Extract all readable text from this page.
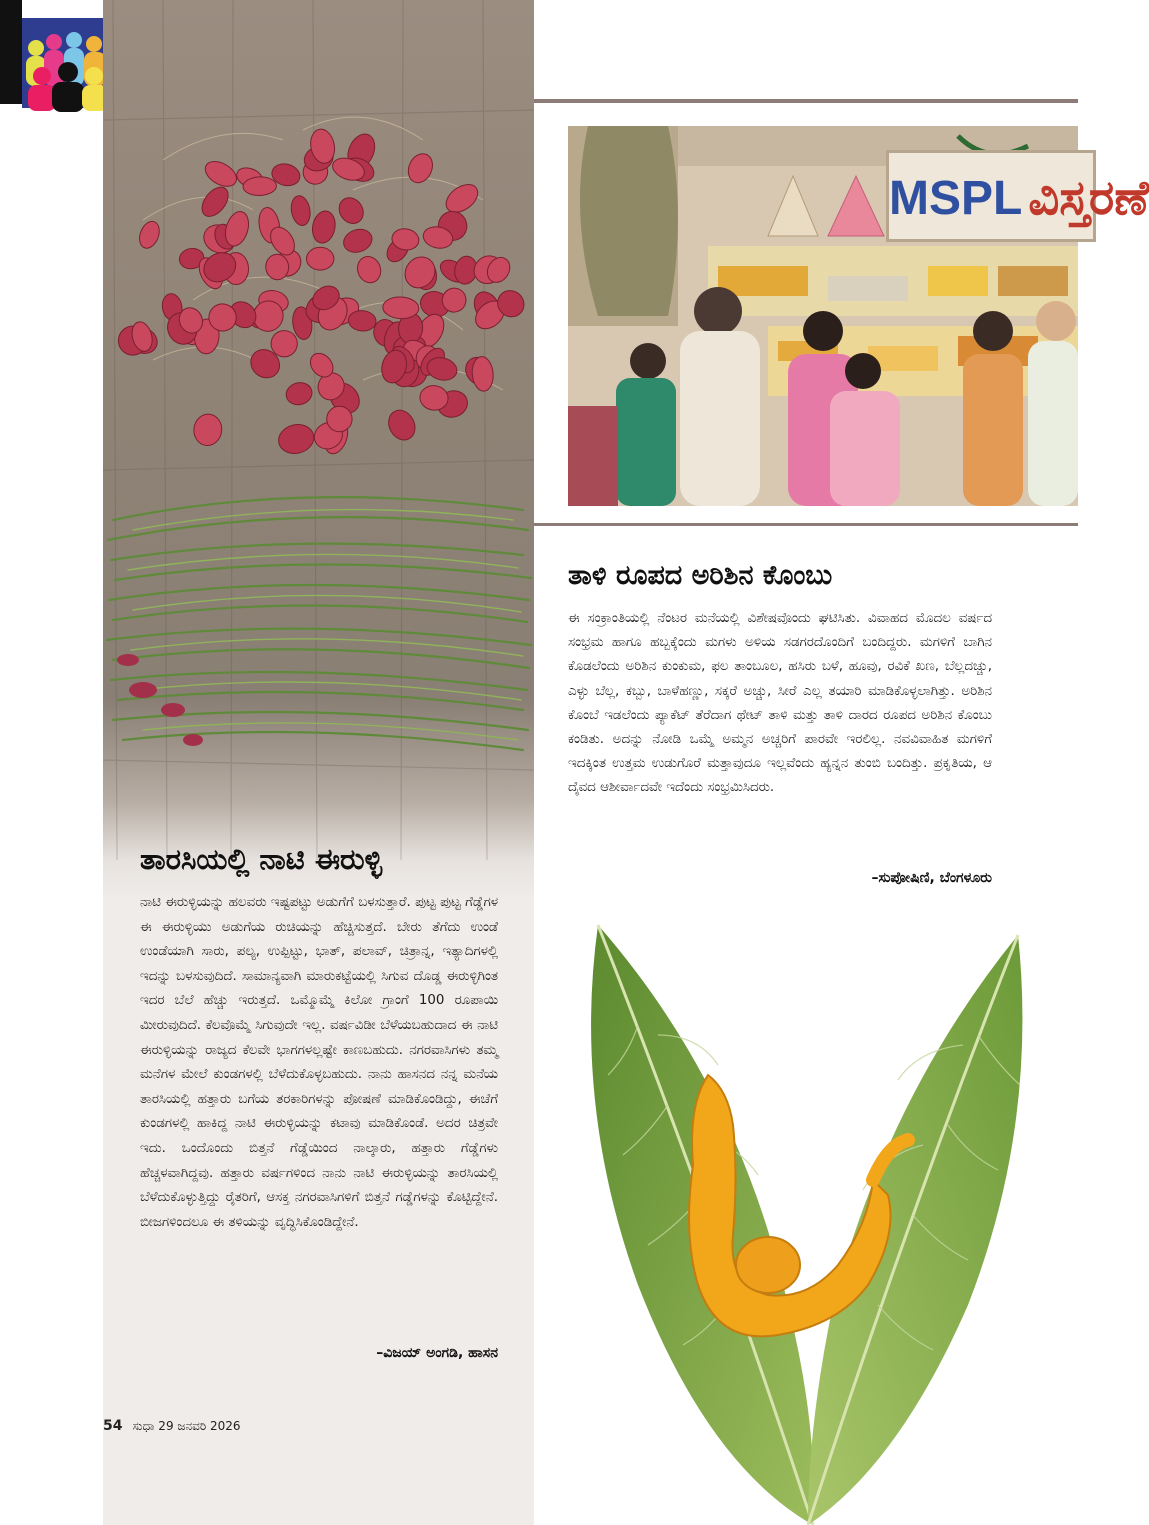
ತಾರಸಿಯಲ್ಲಿ ನಾಟಿ ಈರುಳ್ಳಿ
ನಾಟಿ ಈರುಳ್ಳಿಯನ್ನು ಹಲವರು ಇಷ್ಟಪಟ್ಟು ಅಡುಗೆಗೆ ಬಳಸುತ್ತಾರೆ. ಪುಟ್ಟ ಪುಟ್ಟ ಗೆಡ್ಡೆಗಳ ಈ ಈರುಳ್ಳಿಯು ಅಡುಗೆಯ ರುಚಿಯನ್ನು ಹೆಚ್ಚಿಸುತ್ತದೆ. ಬೇರು ತೆಗೆದು ಉಂಡೆ ಉಂಡೆಯಾಗಿ ಸಾರು, ಪಲ್ಯ, ಉಪ್ಪಿಟ್ಟು, ಭಾತ್, ಪಲಾವ್, ಚಿತ್ರಾನ್ನ, ಇತ್ಯಾದಿಗಳಲ್ಲಿ ಇದನ್ನು ಬಳಸುವುದಿದೆ. ಸಾಮಾನ್ಯವಾಗಿ ಮಾರುಕಟ್ಟೆಯಲ್ಲಿ ಸಿಗುವ ದೊಡ್ಡ ಈರುಳ್ಳಿಗಿಂತ ಇದರ ಬೆಲೆ ಹೆಚ್ಚು ಇರುತ್ತದೆ. ಒಮ್ಮೊಮ್ಮೆ ಕಿಲೋ ಗ್ರಾಂಗೆ 100 ರೂಪಾಯಿ ಮೀರುವುದಿದೆ. ಕೆಲವೊಮ್ಮೆ ಸಿಗುವುದೇ ಇಲ್ಲ. ವರ್ಷವಿಡೀ ಬೆಳೆಯಬಹುದಾದ ಈ ನಾಟಿ ಈರುಳ್ಳಿಯನ್ನು ರಾಜ್ಯದ ಕೆಲವೇ ಭಾಗಗಳಲ್ಲಷ್ಟೇ ಕಾಣಬಹುದು. ನಗರವಾಸಿಗಳು ತಮ್ಮ ಮನೆಗಳ ಮೇಲೆ ಕುಂಡಗಳಲ್ಲಿ ಬೆಳೆದುಕೊಳ್ಳಬಹುದು. ನಾನು ಹಾಸನದ ನನ್ನ ಮನೆಯ ತಾರಸಿಯಲ್ಲಿ ಹತ್ತಾರು ಬಗೆಯ ತರಕಾರಿಗಳನ್ನು ಪೋಷಣೆ ಮಾಡಿಕೊಂಡಿದ್ದು, ಈಚೆಗೆ ಕುಂಡಗಳಲ್ಲಿ ಹಾಕಿದ್ದ ನಾಟಿ ಈರುಳ್ಳಿಯನ್ನು ಕಟಾವು ಮಾಡಿಕೊಂಡೆ. ಅದರ ಚಿತ್ರವೇ ಇದು. ಒಂದೊಂದು ಬಿತ್ತನೆ ಗೆಡ್ಡೆಯಿಂದ ನಾಲ್ಕಾರು, ಹತ್ತಾರು ಗೆಡ್ಡೆಗಳು ಹೆಚ್ಚಳವಾಗಿದ್ದವು. ಹತ್ತಾರು ವರ್ಷಗಳಿಂದ ನಾನು ನಾಟಿ ಈರುಳ್ಳಿಯನ್ನು ತಾರಸಿಯಲ್ಲಿ ಬೆಳೆದುಕೊಳ್ಳುತ್ತಿದ್ದು ರೈತರಿಗೆ, ಆಸಕ್ತ ನಗರವಾಸಿಗಳಿಗೆ ಬಿತ್ತನೆ ಗಡ್ಡೆಗಳನ್ನು ಕೊಟ್ಟಿದ್ದೇನೆ. ಬೀಜಗಳಿಂದಲೂ ಈ ತಳಿಯನ್ನು ವೃದ್ಧಿಸಿಕೊಂಡಿದ್ದೇನೆ.
–ವಿಜಯ್ ಅಂಗಡಿ, ಹಾಸನ
54 ಸುಧಾ 29 ಜನವರಿ 2026
MSPL ವಿಸ್ತರಣೆ
ತಾಳಿ ರೂಪದ ಅರಿಶಿನ ಕೊಂಬು
ಈ ಸಂಕ್ರಾಂತಿಯಲ್ಲಿ ನೆಂಟರ ಮನೆಯಲ್ಲಿ ವಿಶೇಷವೊಂದು ಘಟಿಸಿತು. ವಿವಾಹದ ಮೊದಲ ವರ್ಷದ ಸಂಭ್ರಮ ಹಾಗೂ ಹಬ್ಬಕ್ಕೆಂದು ಮಗಳು ಅಳಿಯ ಸಡಗರದೊಂದಿಗೆ ಬಂದಿದ್ದರು. ಮಗಳಿಗೆ ಬಾಗಿನ ಕೊಡಲೆಂದು ಅರಿಶಿನ ಕುಂಕುಮ, ಫಲ ತಾಂಬೂಲ, ಹಸಿರು ಬಳೆ, ಹೂವು, ರವಿಕೆ ಖಣ, ಬೆಲ್ಲದಚ್ಚು, ಎಳ್ಳು ಬೆಲ್ಲ, ಕಬ್ಬು, ಬಾಳೆಹಣ್ಣು, ಸಕ್ಕರೆ ಅಚ್ಚು, ಸೀರೆ ಎಲ್ಲ ತಯಾರಿ ಮಾಡಿಕೊಳ್ಳಲಾಗಿತ್ತು. ಅರಿಶಿನ ಕೊಂಬೆ ಇಡಲೆಂದು ಪ್ಯಾಕೆಟ್ ತೆರೆದಾಗ ಥೇಟ್ ತಾಳಿ ಮತ್ತು ತಾಳಿ ದಾರದ ರೂಪದ ಅರಿಶಿನ ಕೊಂಬು ಕಂಡಿತು. ಅದನ್ನು ನೋಡಿ ಒಮ್ಮೆ ಅಮ್ಮನ ಅಚ್ಚರಿಗೆ ಪಾರವೇ ಇರಲಿಲ್ಲ. ನವವಿವಾಹಿತ ಮಗಳಿಗೆ ಇದಕ್ಕಿಂತ ಉತ್ತಮ ಉಡುಗೊರೆ ಮತ್ತಾವುದೂ ಇಲ್ಲವೆಂದು ಹ್ಯನ್ನನ ತುಂಬಿ ಬಂದಿತ್ತು. ಪ್ರಕೃತಿಯ, ಆ ದೈವದ ಆಶೀರ್ವಾದವೇ ಇದೆಂದು ಸಂಭ್ರಮಿಸಿದರು.
–ಸುಪೋಷಿಣಿ, ಬೆಂಗಳೂರು
